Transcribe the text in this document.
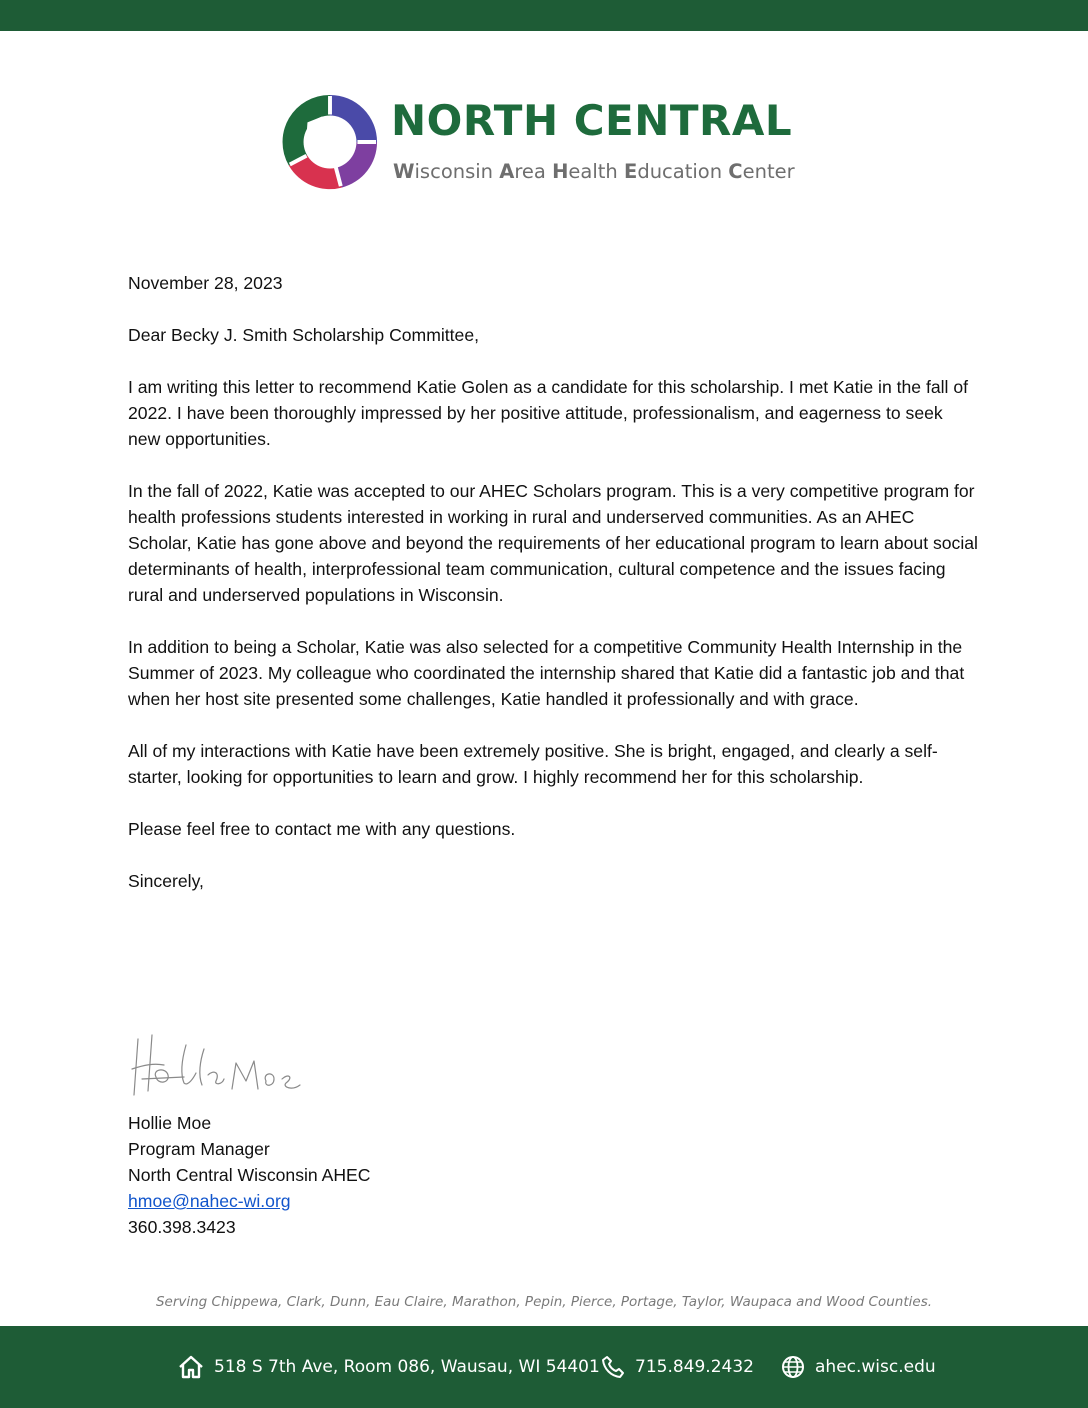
NORTH CENTRAL
Wisconsin Area Health Education Center

November 28, 2023

Dear Becky J. Smith Scholarship Committee,

I am writing this letter to recommend Katie Golen as a candidate for this scholarship. I met Katie in the fall of 2022. I have been thoroughly impressed by her positive attitude, professionalism, and eagerness to seek new opportunities.

In the fall of 2022, Katie was accepted to our AHEC Scholars program. This is a very competitive program for health professions students interested in working in rural and underserved communities. As an AHEC Scholar, Katie has gone above and beyond the requirements of her educational program to learn about social determinants of health, interprofessional team communication, cultural competence and the issues facing rural and underserved populations in Wisconsin.

In addition to being a Scholar, Katie was also selected for a competitive Community Health Internship in the Summer of 2023. My colleague who coordinated the internship shared that Katie did a fantastic job and that when her host site presented some challenges, Katie handled it professionally and with grace.

All of my interactions with Katie have been extremely positive. She is bright, engaged, and clearly a self-starter, looking for opportunities to learn and grow. I highly recommend her for this scholarship.

Please feel free to contact me with any questions.

Sincerely,

Hollie Moe
Program Manager
North Central Wisconsin AHEC
hmoe@nahec-wi.org
360.398.3423
Serving Chippewa, Clark, Dunn, Eau Claire, Marathon, Pepin, Pierce, Portage, Taylor, Waupaca and Wood Counties.
518 S 7th Ave, Room 086, Wausau, WI 54401 715.849.2432	ahec.wisc.edu
